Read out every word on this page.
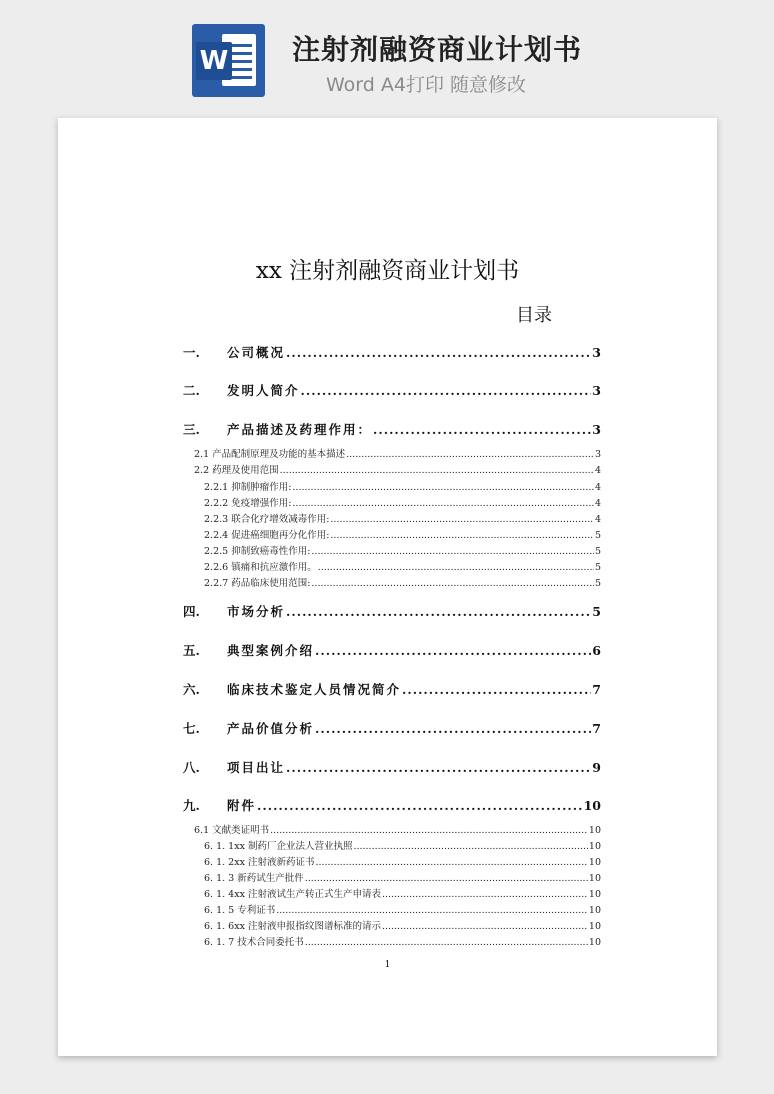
W 注射剂融资商业计划书
Word A4打印 随意修改
xx 注射剂融资商业计划书
目录
一.	公司概况 .....	3
二.	发明人简介 .....	3
三.	产品描述及药理作用： .....	3
2.1 产品配制原理及功能的基本描述 .....	3
2.2 药理及使用范围 .....	4
2.2.1 抑制肿瘤作用: .....	4
2.2.2 免疫增强作用: .....	4
2.2.3 联合化疗增效减毒作用: .....	4
2.2.4 促进癌细胞再分化作用: .....	5
2.2.5 抑制致癌毒性作用: .....	5
2.2.6 镇痛和抗应激作用。 .....	5
2.2.7 药品临床使用范围: .....	5
四.	市场分析 .....	5
五.	典型案例介绍 .....	6
六.	临床技术鉴定人员情况简介 .....	7
七.	产品价值分析 .....	7
八.	项目出让 .....	9
九.	附件 .....	10
6.1 文献类证明书 .....	10
6. 1. 1xx 制药厂企业法人营业执照 .....	10
6. 1. 2xx 注射液新药证书 .....	10
6. 1. 3 新药试生产批件 .....	10
6. 1. 4xx 注射液试生产转正式生产申请表 .....	10
6. 1. 5 专利证书 .....	10
6. 1. 6xx 注射液申报指纹图谱标准的请示 .....	10
6. 1. 7 技术合同委托书 .....	10
1
